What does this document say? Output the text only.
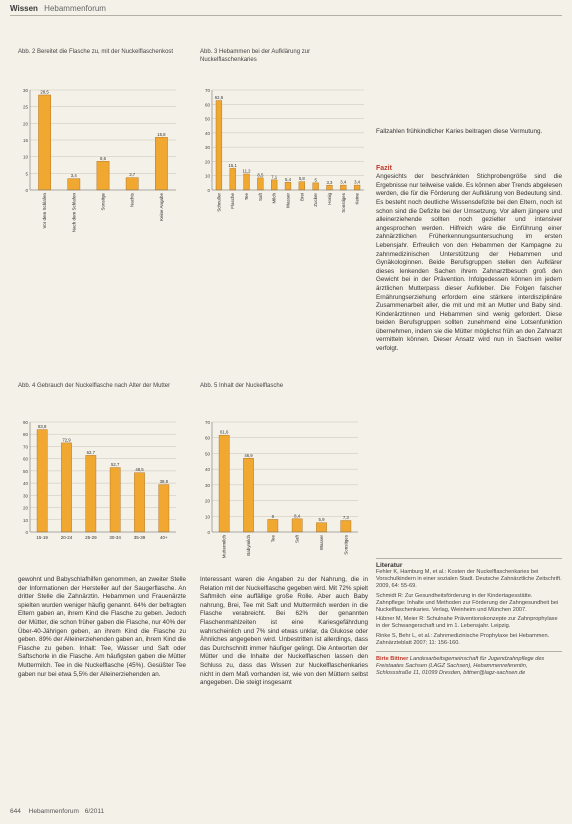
Wissen Hebammenforum
Abb. 2 Bereitet die Flasche zu, mit der Nuckelflaschenkost	Abb. 3 Hebammen bei der Aufklärung zur Nuckelflaschenkaries
Abb. 4 Gebrauch der Nuckelflasche nach Alter der Mutter	Abb. 5 Inhalt der Nuckelflasche
0
5
10
15
20
25
30	28,5
Vor dem Schlafen
3,4
Nach dem Schlafen
8,6
Sonstige
3,7
Nachts
15,8
Keine Angabe
0
10
20
30
40
50
60
70
62,6
Schnuller
15,1
Flasche
11,2
Tee
8,5
Saft
7,1
Milch
5,4
Wasser
5,8
Brei
5
Zucker
3,3
Honig
3,4
Sonstiges
3,4
Keine
0
10
20
30
40
50
60
70
80
90
83,8
15-19
72,9
20-24
62,7
25-29
52,7
30-34
48,5
35-39
38,8
40+
0
10
20
30
40
50
60
70
61,6
Muttermilch
46,9
Babymilch
8
Tee
8,4
Saft
5,9
Wasser
7,3
Sonstiges

Fallzahlen frühkindlicher Karies beitragen diese Vermutung.

Fazit

Angesichts der beschränkten Stichprobengröße sind die Ergebnisse nur teilweise valide. Es können aber Trends abgelesen werden, die für die Förderung der Aufklärung von Bedeutung sind. Es besteht noch deutliche Wissensdefizite bei den Eltern, noch ist schon sind die Defizite bei der Umsetzung. Vor allem jüngere und alleinerziehende sollten noch gezielter und intensiver angesprochen werden. Hilfreich wäre die Einführung einer zahnärztlichen Früherkennungsuntersuchung im ersten Lebensjahr. Erfreulich von den Hebammen der Kampagne zu zahnmedizinischen Unterstützung der Hebammen und Gynäkologinnen. Beide Berufsgruppen stellen den Aufklärer dieses lenkenden Sachen ihrem Zahnarztbesuch groß den Gewicht bei in der Prävention. Infolgedessen können im jedem ärztlichen Mutterpass dieser Aufkleber. Die Folgen falscher Ernährungserziehung erfordern eine stärkere interdisziplinäre Zusammenarbeit aller, die mit und mit an Mutter und Baby sind. Kinderärztinnen und Hebammen sind wenig gefordert. Diese beiden Berufsgruppen sollten zunehmend eine Lotsenfunktion übernehmen, indem sie die Mütter möglichst früh an den Zahnarzt vermitteln können. Dieser Ansatz wird nun in Sachsen weiter verfolgt.

Literatur

Fehler K, Hamburg M, et al.: Kosten der Nuckelflaschenkaries bei Vorschulkindern in einer sozialen Stadt. Deutsche Zahnärztliche Zeitschrift. 2009, 64: 55-69.

Schmidt R: Zur Gesundheitsförderung in der Kindertagesstätte. Zahnpflege: Inhalte und Methoden zur Förderung der Zahngesundheit bei Nuckelflaschenkaries. Verlag, Weinheim und München 2007.

Hübner M, Meier R: Schulnahe Präventionskonzepte zur Zahnprophylaxe in der Schwangerschaft und im 1. Lebensjahr. Leipzig.

Rinke S, Behr L, et al.: Zahnmedizinische Prophylaxe bei Hebammen. Zahnärzteblatt 2007; 11: 156-160.

Birte Bittner Landesarbeitsgemeinschaft für Jugendzahnpflege des Freistaates Sachsen (LAGZ Sachsen), Hebammenreferentin, Schlossstraße 11, 01099 Dresden, bittner@lagz-sachsen.de

gewohnt und Babyschlafhilfen genommen, an zweiter Stelle der Informationen der Hersteller auf der Saugerflasche. An dritter Stelle die Zahnärztin. Hebammen und Frauenärzte spielten wurden weniger häufig genannt. 64% der befragten Eltern gaben an, ihrem Kind die Flasche zu geben. Jedoch der Mütter, die schon früher gaben die Flasche, nur 40% der Über-40-Jährigen geben, an ihrem Kind die Flasche zu geben. 89% der Alleinerziehenden gaben an, ihrem Kind die Flasche zu geben. Inhalt: Tee, Wasser und Saft oder Saftschorle in die Flasche. Am häufigsten gaben die Mütter Muttermilch. Tee in die Nuckelflasche (45%). Gesüßter Tee gaben nur bei etwa 5,5% der Alleinerziehenden an.

Interessant waren die Angaben zu der Nahrung, die in Relation mit der Nuckelflasche gegeben wird. Mit 72% spielt Saftmilch eine auffällige große Rolle. Aber auch Baby nahrung, Brei, Tee mit Saft und Muttermilch werden in die Flasche verabreicht. Bei 62% der genannten Flaschenmahlzeiten ist eine Kariesgefährdung wahrscheinlich und 7% sind etwas unklar, da Glukose oder Ähnliches angegeben wird. Unbestritten ist allerdings, dass das Durchschnitt immer häufiger gelingt. Die Antworten der Mütter und die Inhalte der Nuckelflaschen lassen den Schluss zu, dass das Wissen zur Nuckelflaschenkaries nicht in dem Maß vorhanden ist, wie von den Müttern selbst angegeben. Die steigt insgesamt

644 Hebammenforum 6/2011
